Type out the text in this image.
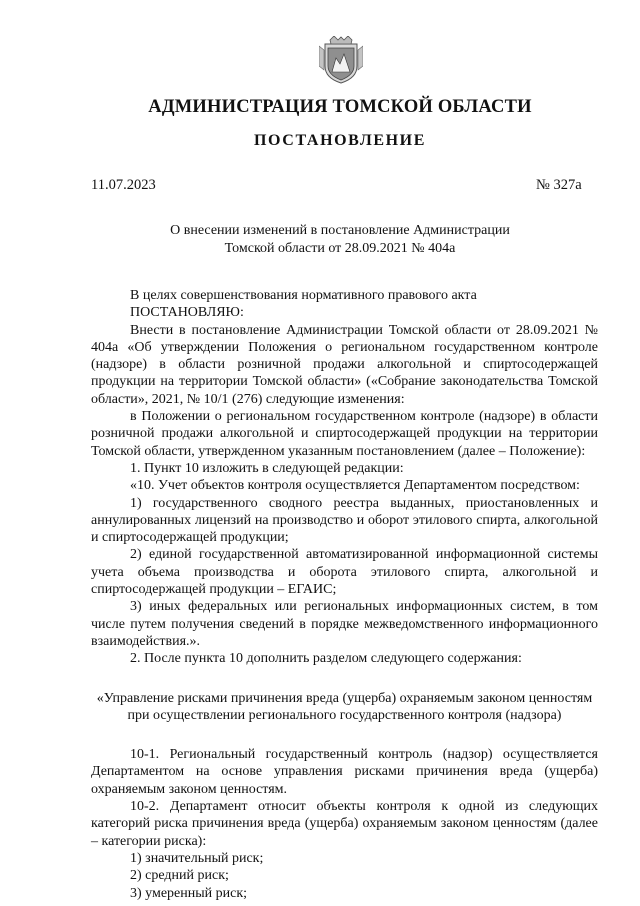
АДМИНИСТРАЦИЯ ТОМСКОЙ ОБЛАСТИ
ПОСТАНОВЛЕНИЕ
11.07.2023	№ 327а
О внесении изменений в постановление Администрации
Томской области от 28.09.2021 № 404а

В целях совершенствования нормативного правового акта

ПОСТАНОВЛЯЮ:

Внести в постановление Администрации Томской области от 28.09.2021 № 404а «Об утверждении Положения о региональном государственном контроле (надзоре) в области розничной продажи алкогольной и спиртосодержащей продукции на территории Томской области» («Собрание законодательства Томской области», 2021, № 10/1 (276) следующие изменения:

в Положении о региональном государственном контроле (надзоре) в области розничной продажи алкогольной и спиртосодержащей продукции на территории Томской области, утвержденном указанным постановлением (далее – Положение):

1. Пункт 10 изложить в следующей редакции:

«10. Учет объектов контроля осуществляется Департаментом посредством:

1) государственного сводного реестра выданных, приостановленных и аннулированных лицензий на производство и оборот этилового спирта, алкогольной и спиртосодержащей продукции;

2) единой государственной автоматизированной информационной системы учета объема производства и оборота этилового спирта, алкогольной и спиртосодержащей продукции – ЕГАИС;

3) иных федеральных или региональных информационных систем, в том числе путем получения сведений в порядке межведомственного информационного взаимодействия.».

2. После пункта 10 дополнить разделом следующего содержания:

«Управление рисками причинения вреда (ущерба) охраняемым законом ценностям
при осуществлении регионального государственного контроля (надзора)

10-1. Региональный государственный контроль (надзор) осуществляется Департаментом на основе управления рисками причинения вреда (ущерба) охраняемым законом ценностям.

10-2. Департамент относит объекты контроля к одной из следующих категорий риска причинения вреда (ущерба) охраняемым законом ценностям (далее – категории риска):

1) значительный риск;

2) средний риск;

3) умеренный риск;
